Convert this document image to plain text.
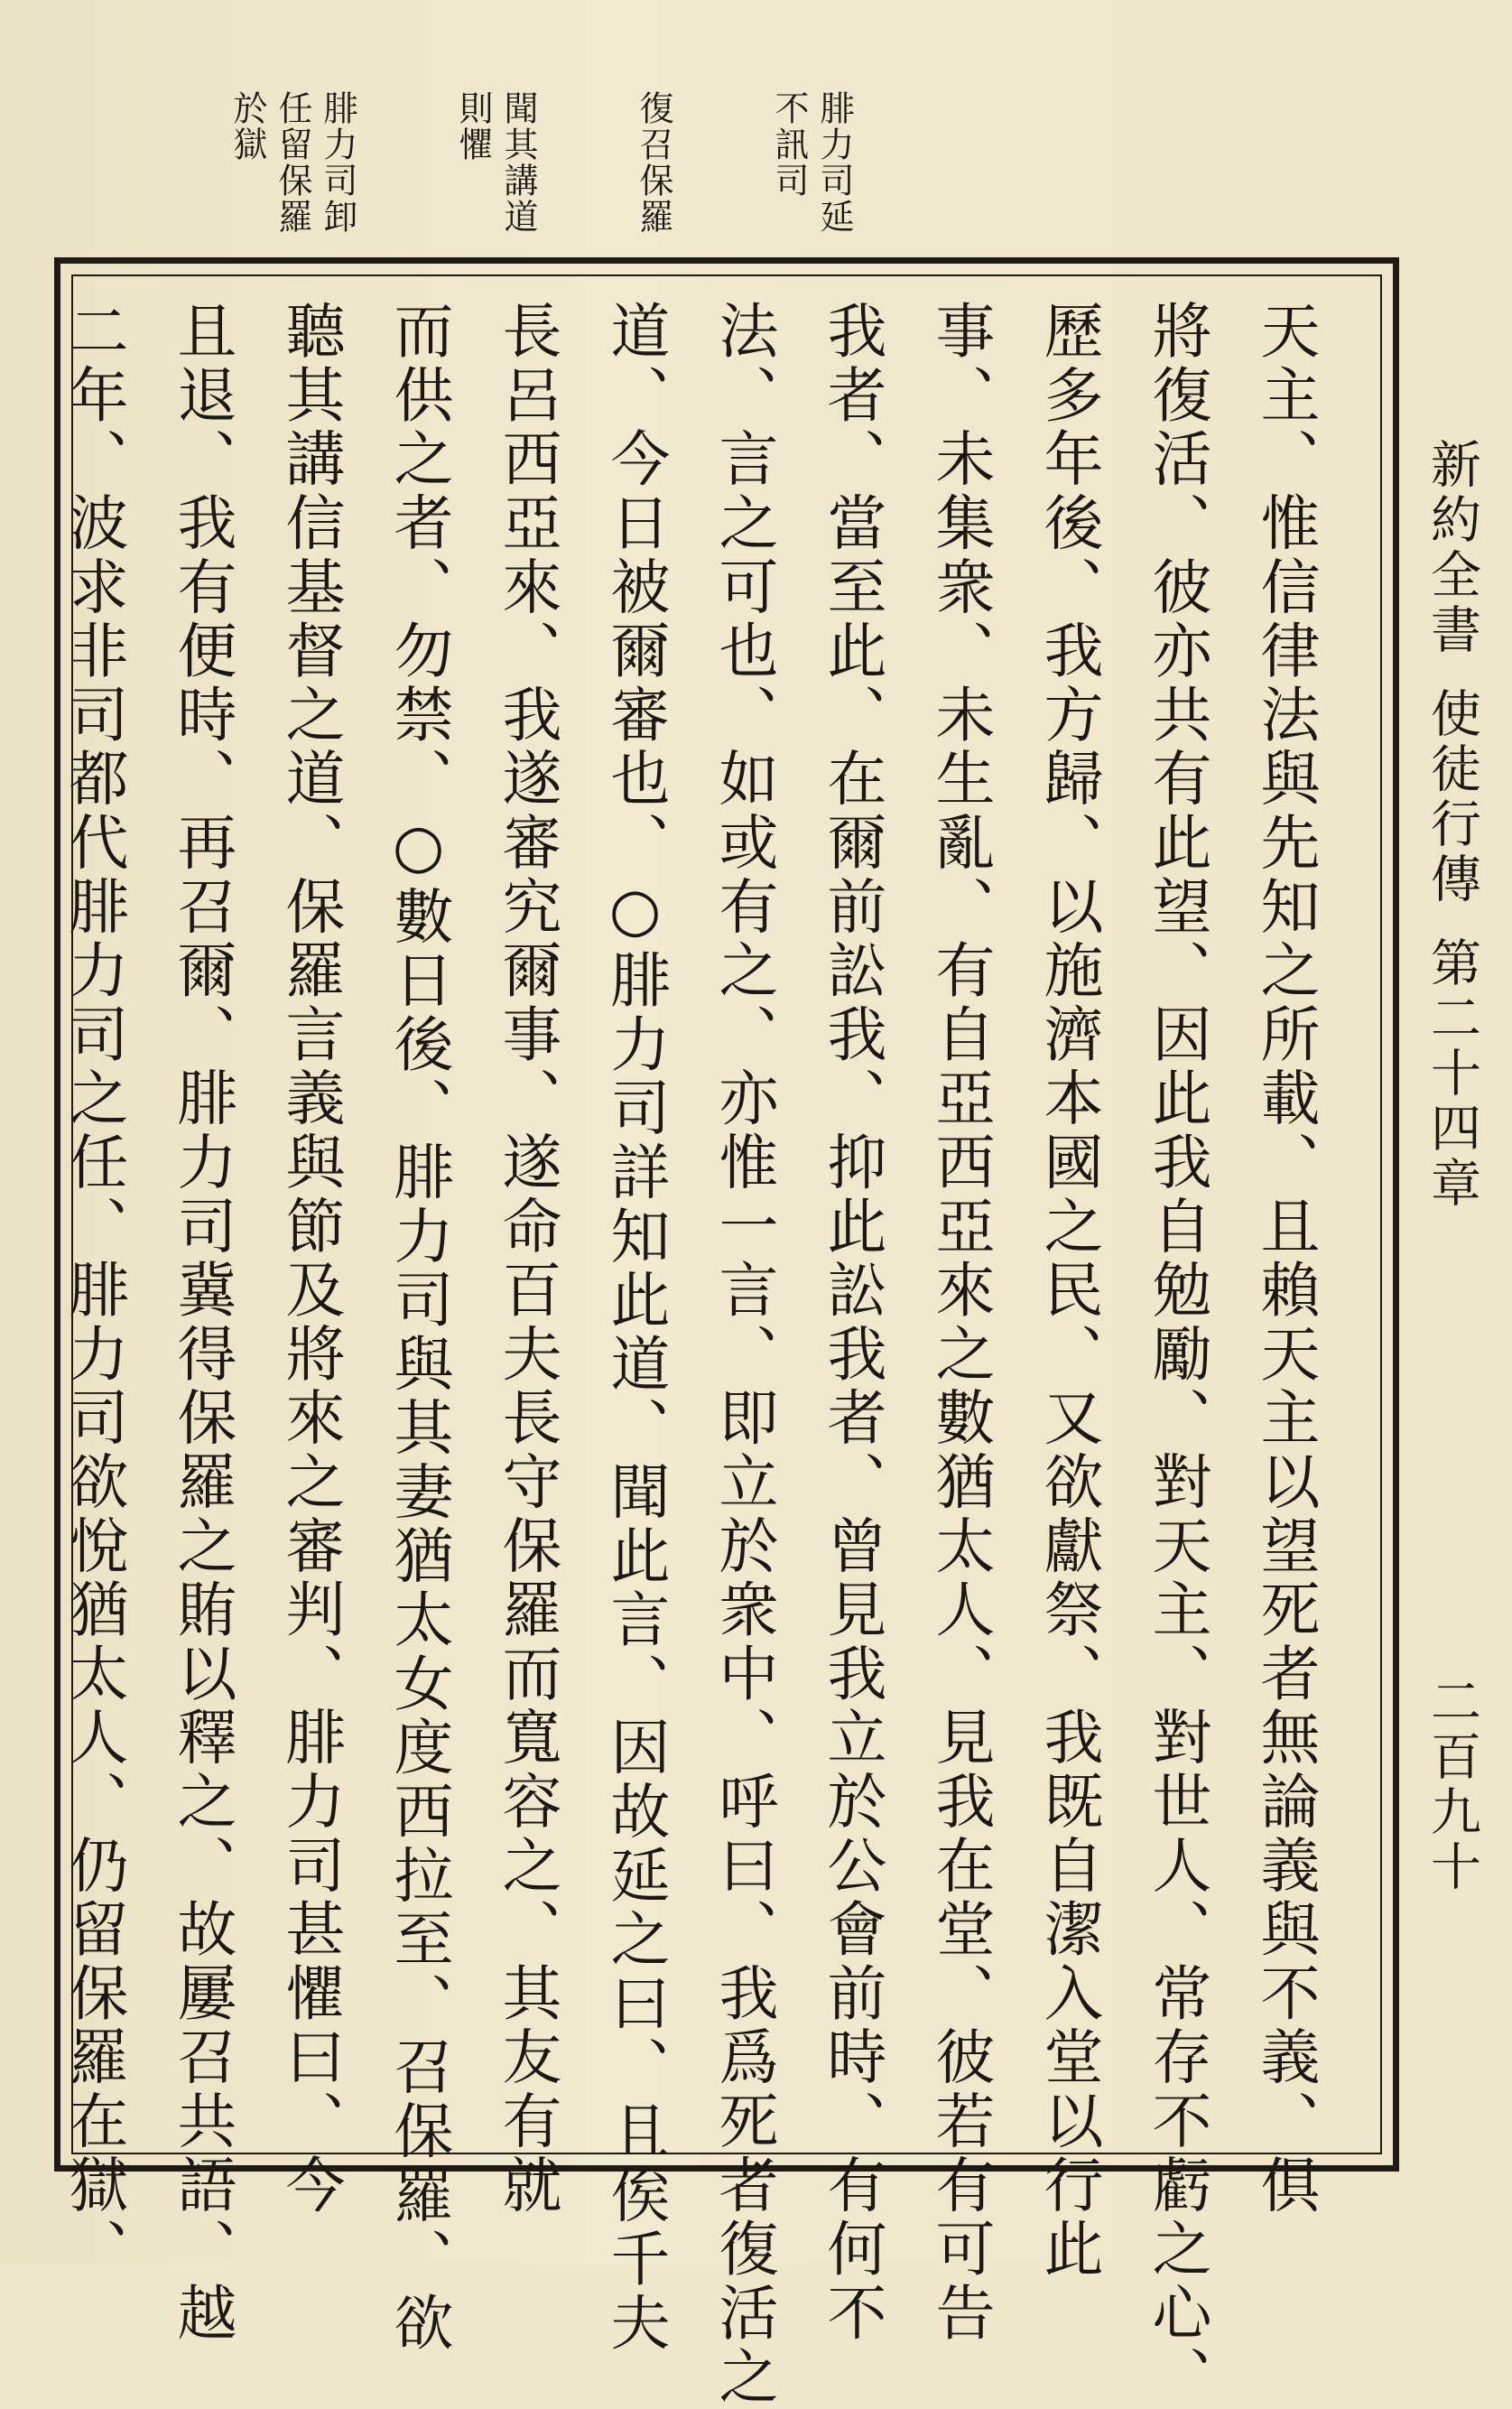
腓力司延
不訊司
復召保羅
聞其講道
則懼
腓力司卸
任留保羅
於獄
天主、惟信律法與先知之所載、且賴天主以望死者無論義與不義、俱
將復活、彼亦共有此望、因此我自勉勵、對天主、對世人、常存不虧之心、
歷多年後、我方歸、以施濟本國之民、又欲獻祭、我既自潔入堂以行此
事、未集衆、未生亂、有自亞西亞來之數猶太人、見我在堂、彼若有可告
我者、當至此、在爾前訟我、抑此訟我者、曾見我立於公會前時、有何不
法、言之可也、如或有之、亦惟一言、即立於衆中、呼曰、我爲死者復活之
道、今日被爾審也、○腓力司詳知此道、聞此言、因故延之曰、且俟千夫
長呂西亞來、我遂審究爾事、遂命百夫長守保羅而寬容之、其友有就
而供之者、勿禁、○數日後、腓力司與其妻猶太女度西拉至、召保羅、欲
聽其講信基督之道、保羅言義與節及將來之審判、腓力司甚懼曰、今
且退、我有便時、再召爾、腓力司冀得保羅之賄以釋之、故屢召共語、越
二年、波求非司都代腓力司之任、腓力司欲悅猶太人、仍留保羅在獄、	新約全書使徒行傳第二十四章
二百九十
